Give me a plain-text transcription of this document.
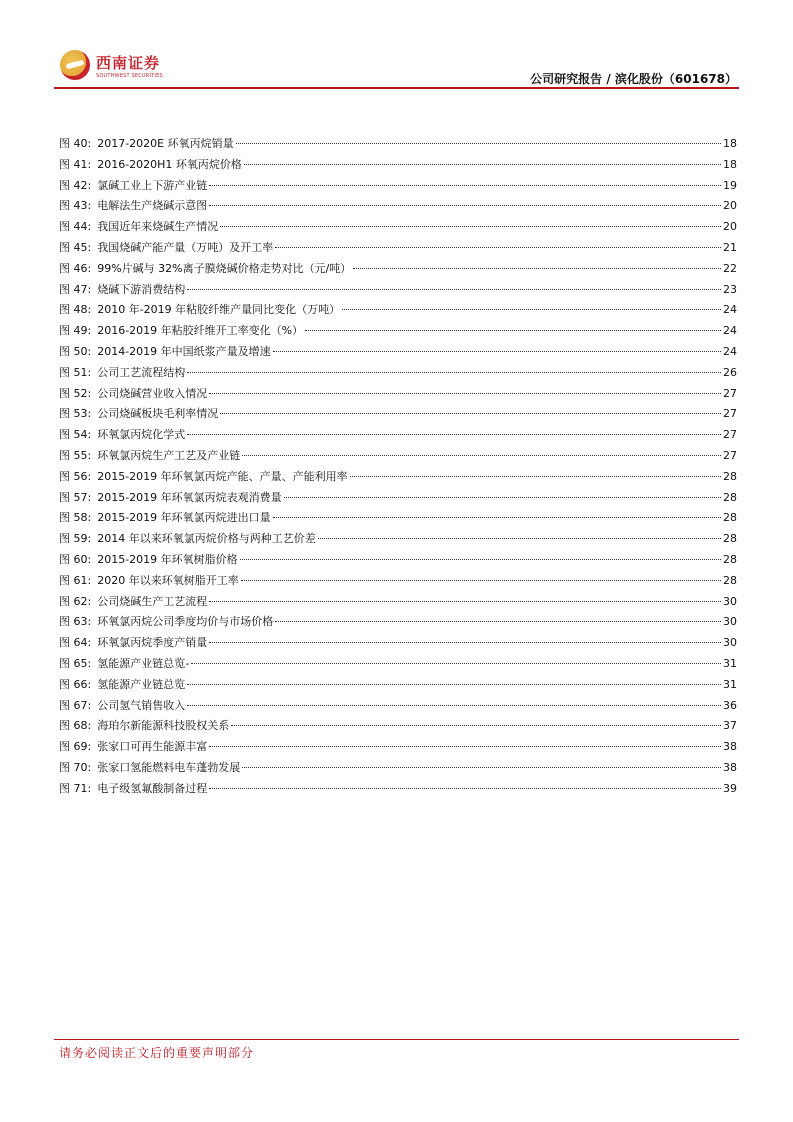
西南证券
SOUTHWEST SECURITIES	公司研究报告 / 滨化股份（601678）
图 40: 2017-2020E 环氧丙烷销量	18
图 41: 2016-2020H1 环氧丙烷价格	18
图 42: 氯碱工业上下游产业链	19
图 43: 电解法生产烧碱示意图	20
图 44: 我国近年来烧碱生产情况	20
图 45: 我国烧碱产能产量（万吨）及开工率	21
图 46: 99%片碱与 32%离子膜烧碱价格走势对比（元/吨）	22
图 47: 烧碱下游消费结构	23
图 48: 2010 年-2019 年粘胶纤维产量同比变化（万吨）	24
图 49: 2016-2019 年粘胶纤维开工率变化（%）	24
图 50: 2014-2019 年中国纸浆产量及增速	24
图 51: 公司工艺流程结构	26
图 52: 公司烧碱营业收入情况	27
图 53: 公司烧碱板块毛利率情况	27
图 54: 环氧氯丙烷化学式	27
图 55: 环氧氯丙烷生产工艺及产业链	27
图 56: 2015-2019 年环氧氯丙烷产能、产量、产能利用率	28
图 57: 2015-2019 年环氧氯丙烷表观消费量	28
图 58: 2015-2019 年环氧氯丙烷进出口量	28
图 59: 2014 年以来环氧氯丙烷价格与两种工艺价差	28
图 60: 2015-2019 年环氧树脂价格	28
图 61: 2020 年以来环氧树脂开工率	28
图 62: 公司烧碱生产工艺流程	30
图 63: 环氧氯丙烷公司季度均价与市场价格	30
图 64: 环氧氯丙烷季度产销量	30
图 65: 氢能源产业链总览-	31
图 66: 氢能源产业链总览	31
图 67: 公司氢气销售收入	36
图 68: 海珀尔新能源科技股权关系	37
图 69: 张家口可再生能源丰富	38
图 70: 张家口氢能燃料电车蓬勃发展	38
图 71: 电子级氢氟酸制备过程	39
请务必阅读正文后的重要声明部分
